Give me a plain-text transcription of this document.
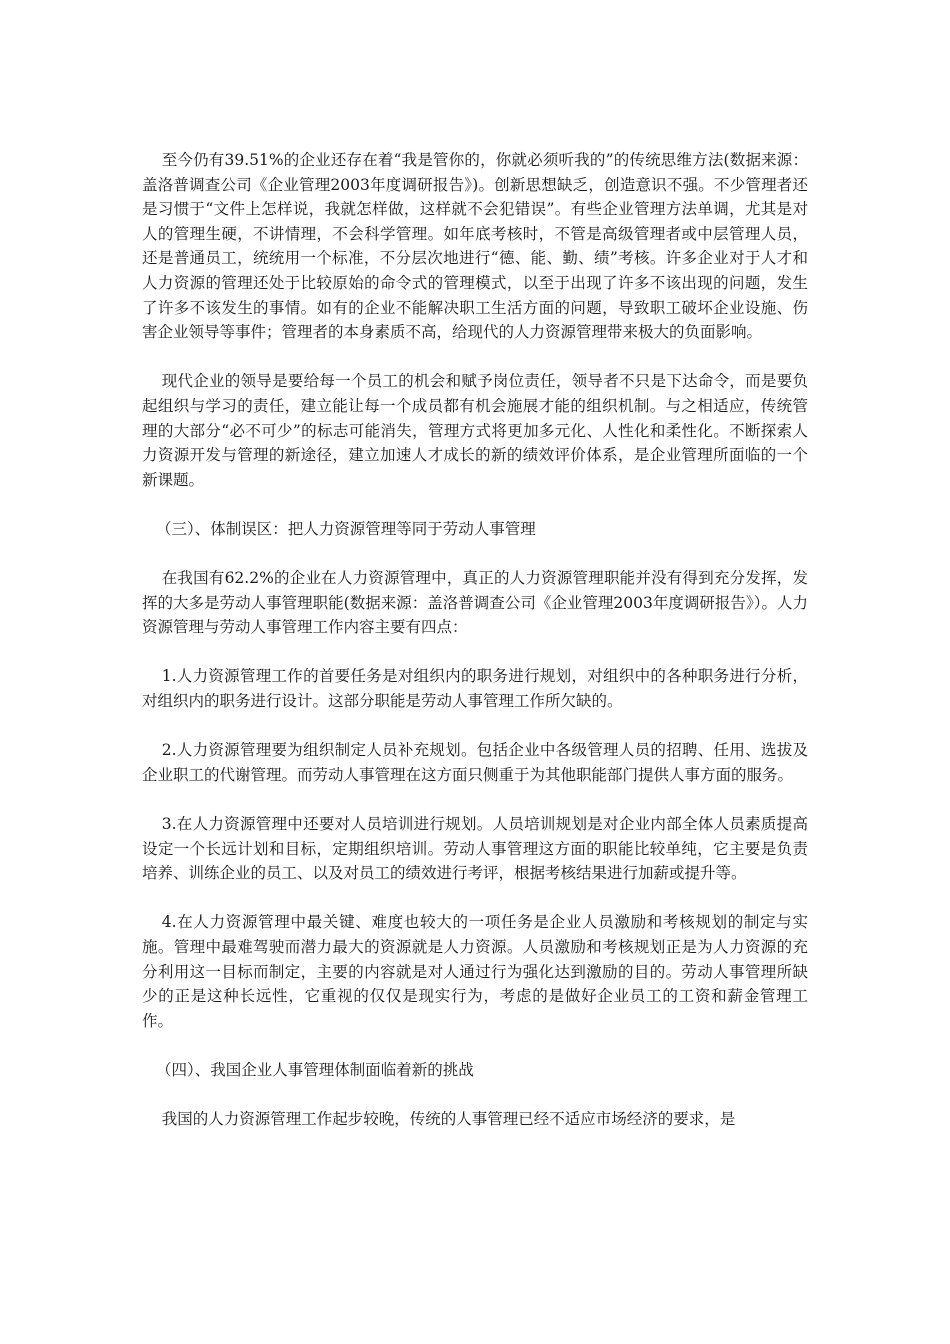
至今仍有39.51%的企业还存在着“我是管你的，你就必须听我的”的传统思维方法(数据来源：盖洛普调查公司《企业管理2003年度调研报告》)。创新思想缺乏，创造意识不强。不少管理者还是习惯于“文件上怎样说，我就怎样做，这样就不会犯错误”。有些企业管理方法单调，尤其是对人的管理生硬，不讲情理，不会科学管理。如年底考核时，不管是高级管理者或中层管理人员，还是普通员工，统统用一个标准，不分层次地进行“德、能、勤、绩”考核。许多企业对于人才和人力资源的管理还处于比较原始的命令式的管理模式，以至于出现了许多不该出现的问题，发生了许多不该发生的事情。如有的企业不能解决职工生活方面的问题，导致职工破坏企业设施、伤害企业领导等事件；管理者的本身素质不高，给现代的人力资源管理带来极大的负面影响。

现代企业的领导是要给每一个员工的机会和赋予岗位责任，领导者不只是下达命令，而是要负起组织与学习的责任，建立能让每一个成员都有机会施展才能的组织机制。与之相适应，传统管理的大部分“必不可少”的标志可能消失，管理方式将更加多元化、人性化和柔性化。不断探索人力资源开发与管理的新途径，建立加速人才成长的新的绩效评价体系，是企业管理所面临的一个新课题。

（三）、体制误区：把人力资源管理等同于劳动人事管理

在我国有62.2%的企业在人力资源管理中，真正的人力资源管理职能并没有得到充分发挥，发挥的大多是劳动人事管理职能(数据来源：盖洛普调查公司《企业管理2003年度调研报告》）。人力资源管理与劳动人事管理工作内容主要有四点：

1.人力资源管理工作的首要任务是对组织内的职务进行规划，对组织中的各种职务进行分析，对组织内的职务进行设计。这部分职能是劳动人事管理工作所欠缺的。

2.人力资源管理要为组织制定人员补充规划。包括企业中各级管理人员的招聘、任用、选拔及企业职工的代谢管理。而劳动人事管理在这方面只侧重于为其他职能部门提供人事方面的服务。

3.在人力资源管理中还要对人员培训进行规划。人员培训规划是对企业内部全体人员素质提高设定一个长远计划和目标，定期组织培训。劳动人事管理这方面的职能比较单纯，它主要是负责培养、训练企业的员工、以及对员工的绩效进行考评，根据考核结果进行加薪或提升等。

4.在人力资源管理中最关键、难度也较大的一项任务是企业人员激励和考核规划的制定与实施。管理中最难驾驶而潜力最大的资源就是人力资源。人员激励和考核规划正是为人力资源的充分利用这一目标而制定，主要的内容就是对人通过行为强化达到激励的目的。劳动人事管理所缺少的正是这种长远性，它重视的仅仅是现实行为，考虑的是做好企业员工的工资和薪金管理工作。

（四）、我国企业人事管理体制面临着新的挑战

我国的人力资源管理工作起步较晚，传统的人事管理已经不适应市场经济的要求，是
